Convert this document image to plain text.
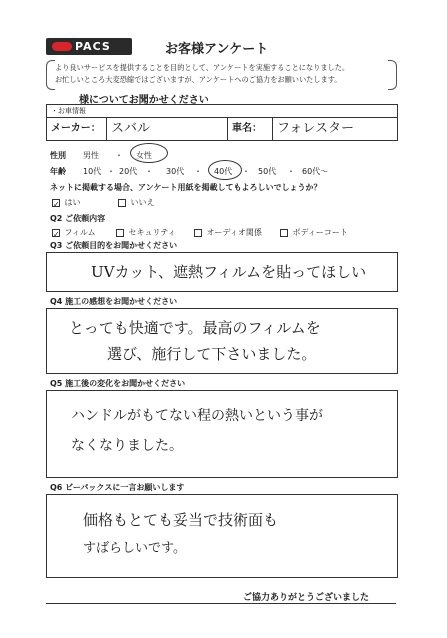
PACS	お客様アンケート
より良いサービスを提供することを目的として、アンケートを実施することになりました。
お忙しいところ大変恐縮ではございますが、アンケートへのご協力をお願いいたします。
様についてお聞かせください
・お車情報
メーカー： スバル	車名：	フォレスター
性別 男性 ・ 女性
年齢 10代 ・ 20代 ・ 30代 ・ 40代 ・ 50代 ・ 60代～
ネットに掲載する場合、アンケート用紙を掲載してもよろしいでしょうか？
✓ はい	いいえ
Q2 ご依頼内容
✓ フィルム	セキュリティ	オーディオ関係	ボディーコート
Q3 ご依頼目的をお聞かせください
UVカット、遮熱フィルムを貼ってほしい
Q4 施工の感想をお聞かせください
とっても快適です。最高のフィルムを
選び、施行して下さいました。
Q5 施工後の変化をお聞かせください
ハンドルがもてない程の熱いという事が
なくなりました。
Q6 ビーパックスに一言お願いします
価格もとても妥当で技術面も
すばらしいです。
ご協力ありがとうございました
